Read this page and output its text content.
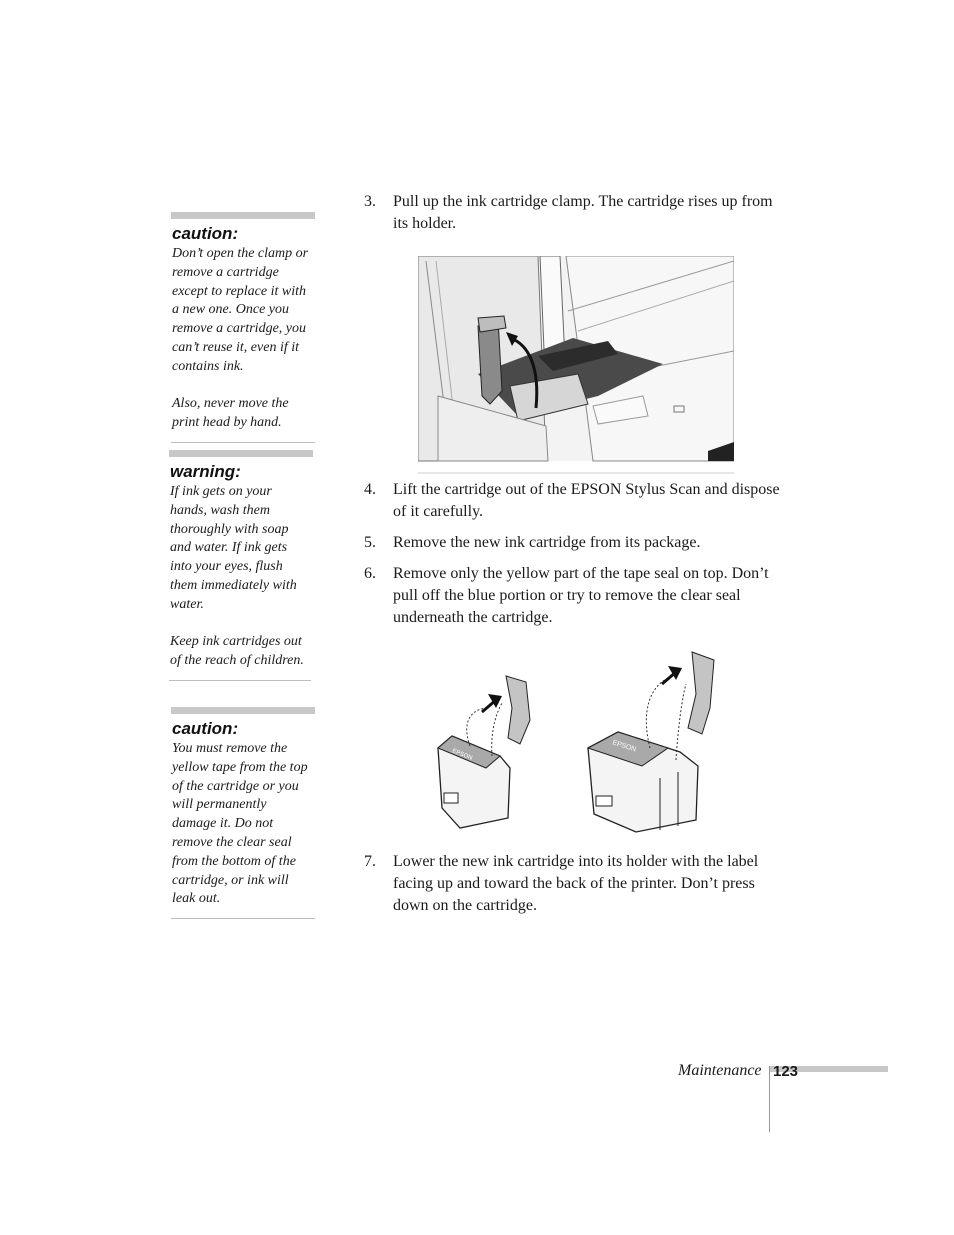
caution:

Don’t open the clamp or remove a cartridge except to replace it with a new one. Once you remove a cartridge, you can’t reuse it, even if it contains ink.

Also, never move the print head by hand.

warning:

If ink gets on your hands, wash them thoroughly with soap and water. If ink gets into your eyes, flush them immediately with water.

Keep ink cartridges out of the reach of children.

caution:

You must remove the yellow tape from the top of the cartridge or you will permanently damage it. Do not remove the clear seal from the bottom of the cartridge, or ink will leak out.

3. Pull up the ink cartridge clamp. The cartridge rises up from its holder.
4. Lift the cartridge out of the EPSON Stylus Scan and dispose of it carefully.
5. Remove the new ink cartridge from its package.
6. Remove only the yellow part of the tape seal on top. Don’t pull off the blue portion or try to remove the clear seal underneath the cartridge.
EPSON
EPSON
7. Lower the new ink cartridge into its holder with the label facing up and toward the back of the printer. Don’t press down on the cartridge.
Maintenance 123
